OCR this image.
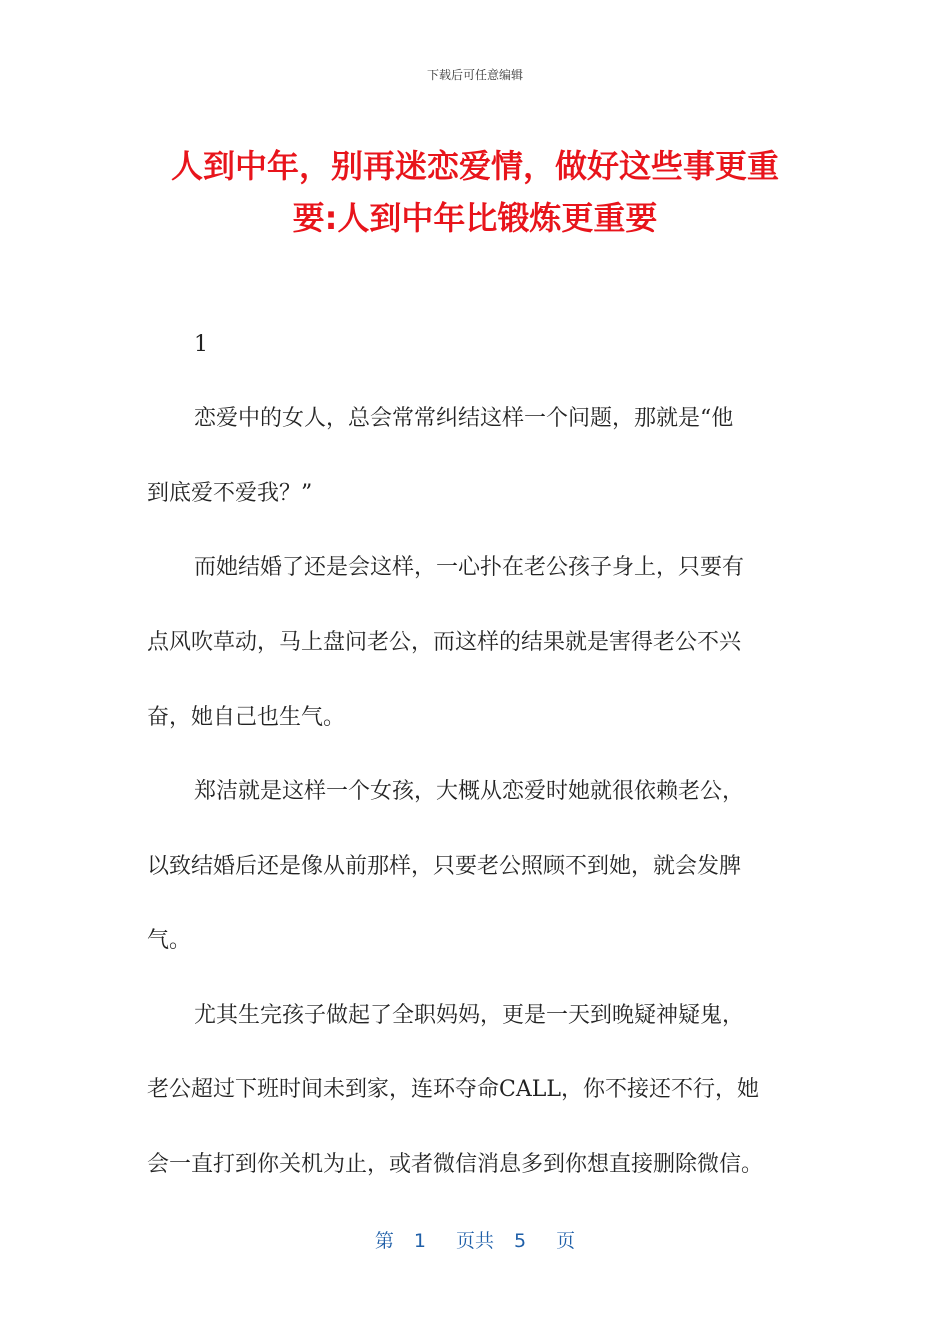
下载后可任意编辑
人到中年，别再迷恋爱情，做好这些事更重
要:人到中年比锻炼更重要
1
恋爱中的女人，总会常常纠结这样一个问题，那就是“他
到底爱不爱我？”
而她结婚了还是会这样，一心扑在老公孩子身上，只要有
点风吹草动，马上盘问老公，而这样的结果就是害得老公不兴
奋，她自己也生气。
郑洁就是这样一个女孩，大概从恋爱时她就很依赖老公，
以致结婚后还是像从前那样，只要老公照顾不到她，就会发脾
气。
尤其生完孩子做起了全职妈妈，更是一天到晚疑神疑鬼，
老公超过下班时间未到家，连环夺命CALL，你不接还不行，她
会一直打到你关机为止，或者微信消息多到你想直接删除微信。
第 1 页共 5 页
